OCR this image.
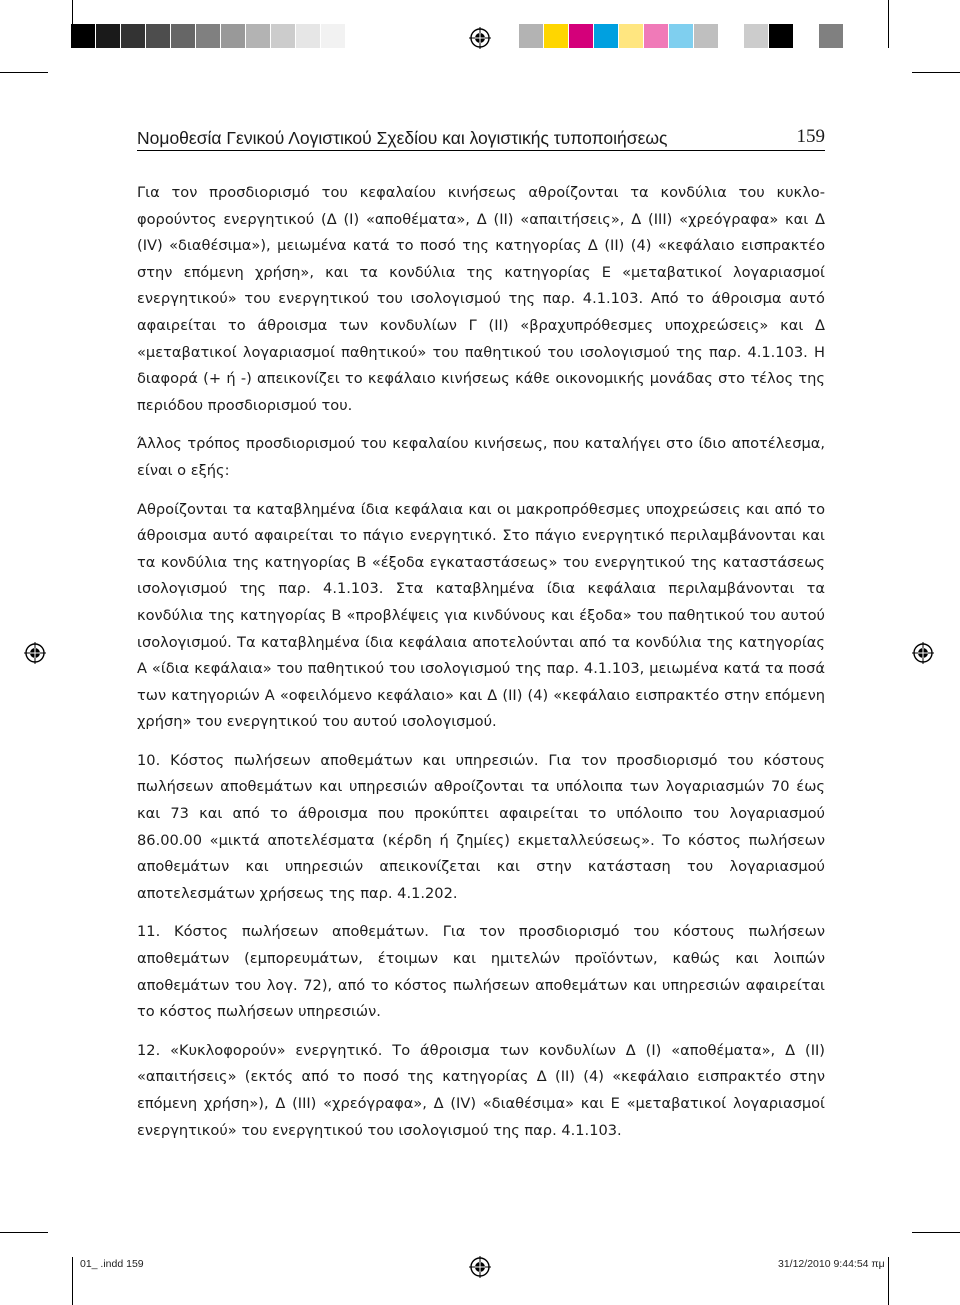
Νομοθεσία Γενικού Λογιστικού Σχεδίου και λογιστικής τυποποιήσεως	159

Για τον προσδιορισμό του κεφαλαίου κινήσεως αθροίζονται τα κονδύλια του κυκλοφορούντος ενεργητικού (Δ (Ι) «αποθέματα», Δ (ΙΙ) «απαιτήσεις», Δ (ΙΙΙ) «χρεόγραφα» και Δ (IV) «διαθέσιμα»), μειωμένα κατά το ποσό της κατηγορίας Δ (ΙΙ) (4) «κεφάλαιο εισπρακτέο στην επόμενη χρήση», και τα κονδύλια της κατηγορίας Ε «μεταβατικοί λογαριασμοί ενεργητικού» του ενεργητικού του ισολογισμού της παρ. 4.1.103. Από το άθροισμα αυτό αφαιρείται το άθροισμα των κονδυλίων Γ (ΙΙ) «βραχυπρόθεσμες υποχρεώσεις» και Δ «μεταβατικοί λογαριασμοί παθητικού» του παθητικού του ισολογισμού της παρ. 4.1.103. Η διαφορά (+ ή -) απεικονίζει το κεφάλαιο κινήσεως κάθε οικονομικής μονάδας στο τέλος της περιόδου προσδιορισμού του.

Άλλος τρόπος προσδιορισμού του κεφαλαίου κινήσεως, που καταλήγει στο ίδιο αποτέλεσμα, είναι ο εξής:

Αθροίζονται τα καταβλημένα ίδια κεφάλαια και οι μακροπρόθεσμες υποχρεώσεις και από το άθροισμα αυτό αφαιρείται το πάγιο ενεργητικό. Στο πάγιο ενεργητικό περιλαμβάνονται και τα κονδύλια της κατηγορίας Β «έξοδα εγκαταστάσεως» του ενεργητικού της καταστάσεως ισολογισμού της παρ. 4.1.103. Στα καταβλημένα ίδια κεφάλαια περιλαμβάνονται τα κονδύλια της κατηγορίας Β «προβλέψεις για κινδύνους και έξοδα» του παθητικού του αυτού ισολογισμού. Τα καταβλημένα ίδια κεφάλαια αποτελούνται από τα κονδύλια της κατηγορίας Α «ίδια κεφάλαια» του παθητικού του ισολογισμού της παρ. 4.1.103, μειωμένα κατά τα ποσά των κατηγοριών Α «οφειλόμενο κεφάλαιο» και Δ (ΙΙ) (4) «κεφάλαιο εισπρακτέο στην επόμενη χρήση» του ενεργητικού του αυτού ισολογισμού.

10. Κόστος πωλήσεων αποθεμάτων και υπηρεσιών. Για τον προσδιορισμό του κόστους πωλήσεων αποθεμάτων και υπηρεσιών αθροίζονται τα υπόλοιπα των λογαριασμών 70 έως και 73 και από το άθροισμα που προκύπτει αφαιρείται το υπόλοιπο του λογαριασμού 86.00.00 «μικτά αποτελέσματα (κέρδη ή ζημίες) εκμεταλλεύσεως». Το κόστος πωλήσεων αποθεμάτων και υπηρεσιών απεικονίζεται και στην κατάσταση του λογαριασμού αποτελεσμάτων χρήσεως της παρ. 4.1.202.

11. Κόστος πωλήσεων αποθεμάτων. Για τον προσδιορισμό του κόστους πωλήσεων αποθεμάτων (εμπορευμάτων, έτοιμων και ημιτελών προϊόντων, καθώς και λοιπών αποθεμάτων του λογ. 72), από το κόστος πωλήσεων αποθεμάτων και υπηρεσιών αφαιρείται το κόστος πωλήσεων υπηρεσιών.

12. «Κυκλοφορούν» ενεργητικό. Το άθροισμα των κονδυλίων Δ (Ι) «αποθέματα», Δ (ΙΙ) «απαιτήσεις» (εκτός από το ποσό της κατηγορίας Δ (ΙΙ) (4) «κεφάλαιο εισπρακτέο στην επόμενη χρήση»), Δ (ΙΙΙ) «χρεόγραφα», Δ (IV) «διαθέσιμα» και Ε «μεταβατικοί λογαριασμοί ενεργητικού» του ενεργητικού του ισολογισμού της παρ. 4.1.103.

01_ .indd 159	31/12/2010 9:44:54 πμ
